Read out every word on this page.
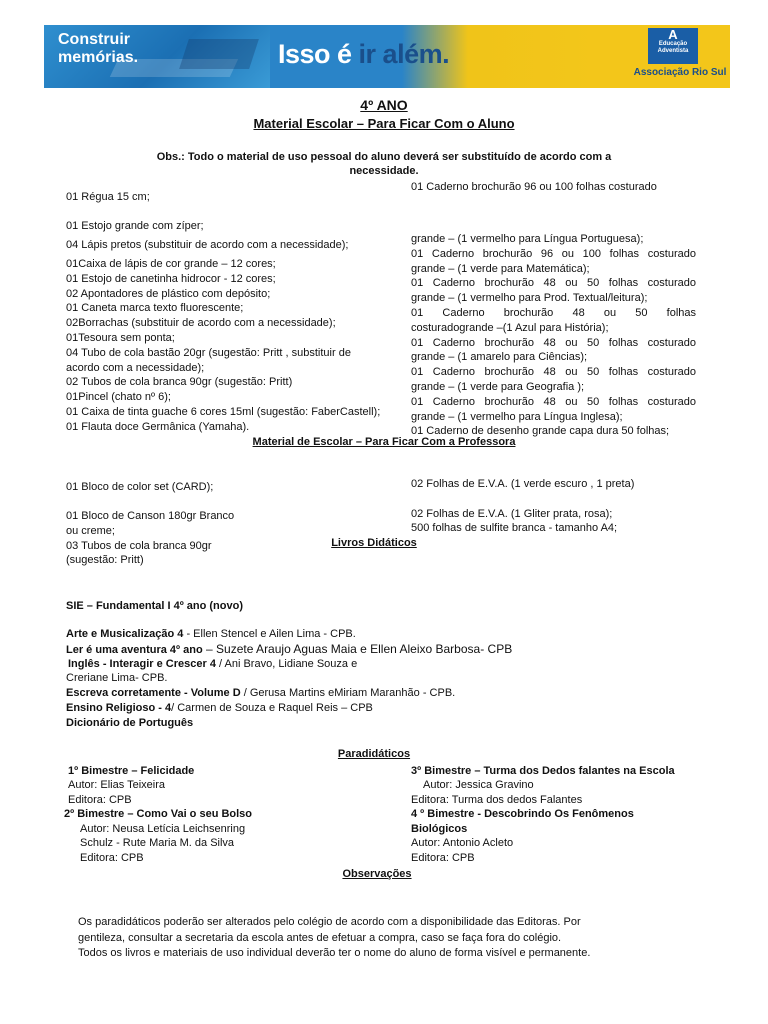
Construir
memórias.	Isso é ir além.
A
Educação
Adventista
Associação Rio Sul
4º ANO
Material Escolar – Para Ficar Com o Aluno
Obs.: Todo o material de uso pessoal do aluno deverá ser substituído de acordo com a
necessidade.
01 Régua 15 cm;
01 Estojo grande com zíper;
04 Lápis pretos (substituir de acordo com a necessidade);
01Caixa de lápis de cor grande – 12 cores;
01 Estojo de canetinha hidrocor - 12 cores;
02 Apontadores de plástico com depósito;
01 Caneta marca texto fluorescente;
02Borrachas (substituir de acordo com a necessidade);
01Tesoura sem ponta;
04 Tubo de cola bastão 20gr (sugestão: Pritt , substituir de
acordo com a necessidade);
02 Tubos de cola branca 90gr (sugestão: Pritt)
01Pincel (chato nº 6);
01 Caixa de tinta guache 6 cores 15ml (sugestão: FaberCastell);
01 Flauta doce Germânica (Yamaha).
01 Caderno brochurão 96 ou 100 folhas costurado
grande – (1 vermelho para Língua Portuguesa);
01 Caderno brochurão 96 ou 100 folhas costurado
grande – (1 verde para Matemática);
01 Caderno brochurão 48 ou 50 folhas costurado
grande – (1 vermelho para Prod. Textual/leitura);
01 Caderno brochurão 48 ou 50 folhas
costuradogrande –(1 Azul para História);
01 Caderno brochurão 48 ou 50 folhas costurado
grande – (1 amarelo para Ciências);
01 Caderno brochurão 48 ou 50 folhas costurado
grande – (1 verde para Geografia );
01 Caderno brochurão 48 ou 50 folhas costurado
grande – (1 vermelho para Língua Inglesa);
01 Caderno de desenho grande capa dura 50 folhas;
Material de Escolar – Para Ficar Com a Professora
01 Bloco de color set (CARD);
01 Bloco de Canson 180gr Branco
ou creme;
03 Tubos de cola branca 90gr
(sugestão: Pritt)
02 Folhas de E.V.A. (1 verde escuro , 1 preta)
02 Folhas de E.V.A. (1 Gliter prata, rosa);
500 folhas de sulfite branca - tamanho A4;
Livros Didáticos
SIE – Fundamental I 4º ano (novo)
Arte e Musicalização 4 - Ellen Stencel e Ailen Lima - CPB.
Ler é uma aventura 4º ano – Suzete Araujo Aguas Maia e Ellen Aleixo Barbosa- CPB
Inglês - Interagir e Crescer 4 / Ani Bravo, Lidiane Souza e
Creriane Lima- CPB.
Escreva corretamente - Volume D / Gerusa Martins eMiriam Maranhão - CPB.
Ensino Religioso - 4/ Carmen de Souza e Raquel Reis – CPB
Dicionário de Português
Paradidáticos
1º Bimestre – Felicidade
Autor: Elias Teixeira
Editora: CPB
2º Bimestre – Como Vai o seu Bolso
Autor: Neusa Letícia Leichsenring
Schulz - Rute Maria M. da Silva
Editora: CPB
3º Bimestre – Turma dos Dedos falantes na Escola
Autor: Jessica Gravino
Editora: Turma dos dedos Falantes
4 º Bimestre - Descobrindo Os Fenômenos
Biológicos
Autor: Antonio Acleto
Editora: CPB
Observações
Os paradidáticos poderão ser alterados pelo colégio de acordo com a disponibilidade das Editoras. Por
gentileza, consultar a secretaria da escola antes de efetuar a compra, caso se faça fora do colégio.
Todos os livros e materiais de uso individual deverão ter o nome do aluno de forma visível e permanente.
